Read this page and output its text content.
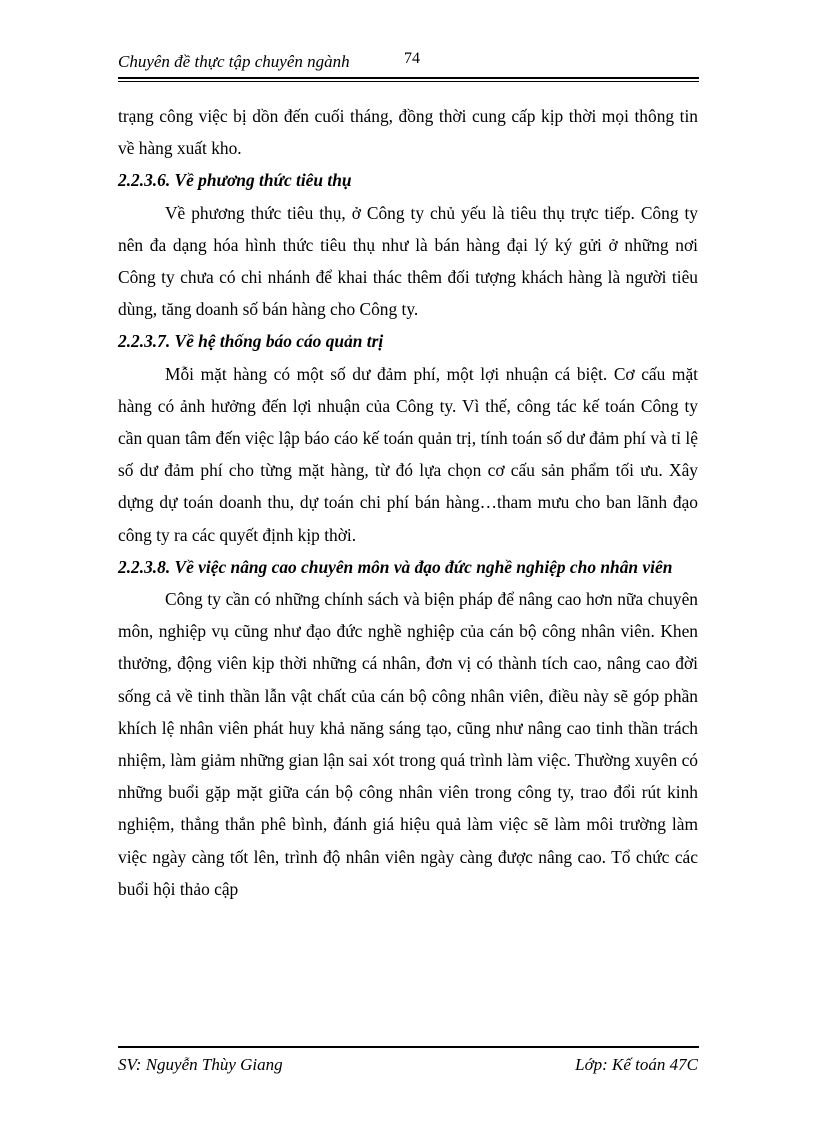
Chuyên đề thực tập chuyên ngành	74

trạng công việc bị dồn đến cuối tháng, đồng thời cung cấp kịp thời mọi thông tin về hàng xuất kho.

2.2.3.6. Về phương thức tiêu thụ

Về phương thức tiêu thụ, ở Công ty chủ yếu là tiêu thụ trực tiếp. Công ty nên đa dạng hóa hình thức tiêu thụ như là bán hàng đại lý ký gửi ở những nơi Công ty chưa có chi nhánh để khai thác thêm đối tượng khách hàng là người tiêu dùng, tăng doanh số bán hàng cho Công ty.

2.2.3.7. Về hệ thống báo cáo quản trị

Mỗi mặt hàng có một số dư đảm phí, một lợi nhuận cá biệt. Cơ cấu mặt hàng có ảnh hưởng đến lợi nhuận của Công ty. Vì thế, công tác kế toán Công ty cần quan tâm đến việc lập báo cáo kế toán quản trị, tính toán số dư đảm phí và tỉ lệ số dư đảm phí cho từng mặt hàng, từ đó lựa chọn cơ cấu sản phẩm tối ưu. Xây dựng dự toán doanh thu, dự toán chi phí bán hàng…tham mưu cho ban lãnh đạo công ty ra các quyết định kịp thời.

2.2.3.8. Về việc nâng cao chuyên môn và đạo đức nghề nghiệp cho nhân viên

Công ty cần có những chính sách và biện pháp để nâng cao hơn nữa chuyên môn, nghiệp vụ cũng như đạo đức nghề nghiệp của cán bộ công nhân viên. Khen thưởng, động viên kịp thời những cá nhân, đơn vị có thành tích cao, nâng cao đời sống cả về tinh thần lẫn vật chất của cán bộ công nhân viên, điều này sẽ góp phần khích lệ nhân viên phát huy khả năng sáng tạo, cũng như nâng cao tinh thần trách nhiệm, làm giảm những gian lận sai xót trong quá trình làm việc. Thường xuyên có những buổi gặp mặt giữa cán bộ công nhân viên trong công ty, trao đổi rút kinh nghiệm, thẳng thắn phê bình, đánh giá hiệu quả làm việc sẽ làm môi trường làm việc ngày càng tốt lên, trình độ nhân viên ngày càng được nâng cao. Tổ chức các buổi hội thảo cập

SV: Nguyễn Thùy Giang	Lớp: Kế toán 47C
